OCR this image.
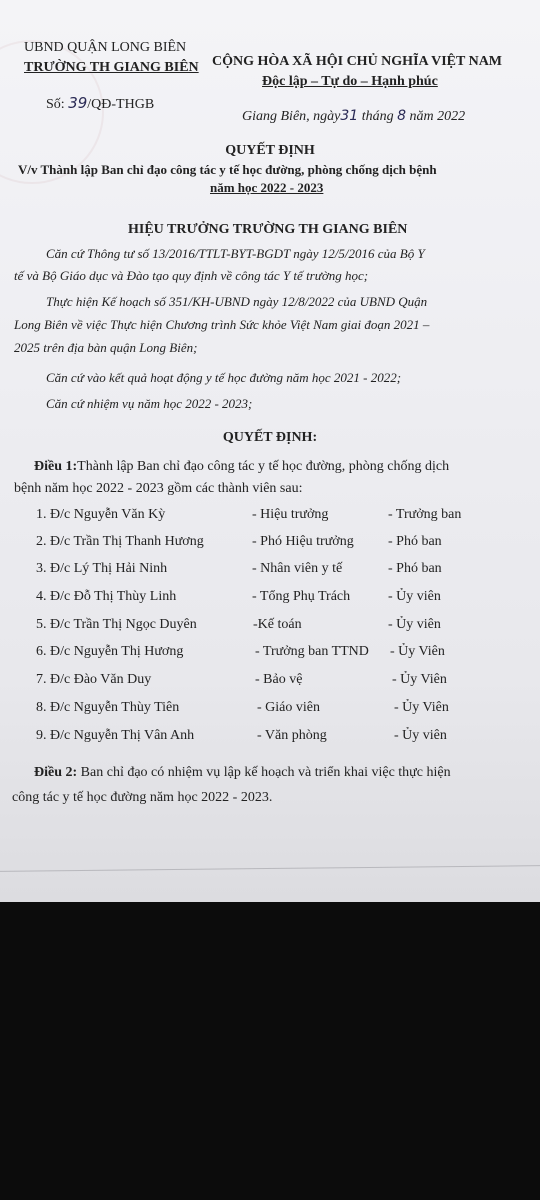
UBND QUẬN LONG BIÊN
TRƯỜNG TH GIANG BIÊN
Số: 39/QĐ-THGB
CỘNG HÒA XÃ HỘI CHỦ NGHĨA VIỆT NAM
Độc lập – Tự do – Hạnh phúc
Giang Biên, ngày31 tháng 8 năm 2022
QUYẾT ĐỊNH
V/v Thành lập Ban chỉ đạo công tác y tế học đường, phòng chống dịch bệnh
năm học 2022 - 2023
HIỆU TRƯỞNG TRƯỜNG TH GIANG BIÊN
Căn cứ Thông tư số 13/2016/TTLT-BYT-BGDT ngày 12/5/2016 của Bộ Y
tế và Bộ Giáo dục và Đào tạo quy định về công tác Y tế trường học;
Thực hiện Kế hoạch số 351/KH-UBND ngày 12/8/2022 của UBND Quận
Long Biên về việc Thực hiện Chương trình Sức khỏe Việt Nam giai đoạn 2021 –
2025 trên địa bàn quận Long Biên;
Căn cứ vào kết quả hoạt động y tế học đường năm học 2021 - 2022;
Căn cứ nhiệm vụ năm học 2022 - 2023;
QUYẾT ĐỊNH:
Điều 1:Thành lập Ban chỉ đạo công tác y tế học đường, phòng chống dịch
bệnh năm học 2022 - 2023 gồm các thành viên sau:
1. Đ/c Nguyễn Văn Kỳ	- Hiệu trưởng	- Trưởng ban
2. Đ/c Trần Thị Thanh Hương	- Phó Hiệu trưởng - Phó ban
3. Đ/c Lý Thị Hải Ninh	- Nhân viên y tế	- Phó ban
4. Đ/c Đỗ Thị Thùy Linh	- Tổng Phụ Trách	- Ủy viên
5. Đ/c Trần Thị Ngọc Duyên	-Kế toán	- Ủy viên
6. Đ/c Nguyễn Thị Hương	- Trưởng ban TTND - Ủy Viên
7. Đ/c Đào Văn Duy	- Bảo vệ	- Ủy Viên
8. Đ/c Nguyễn Thùy Tiên	- Giáo viên	- Ủy Viên
9. Đ/c Nguyễn Thị Vân Anh	- Văn phòng	- Ủy viên
Điều 2: Ban chỉ đạo có nhiệm vụ lập kế hoạch và triển khai việc thực hiện
công tác y tế học đường năm học 2022 - 2023.
